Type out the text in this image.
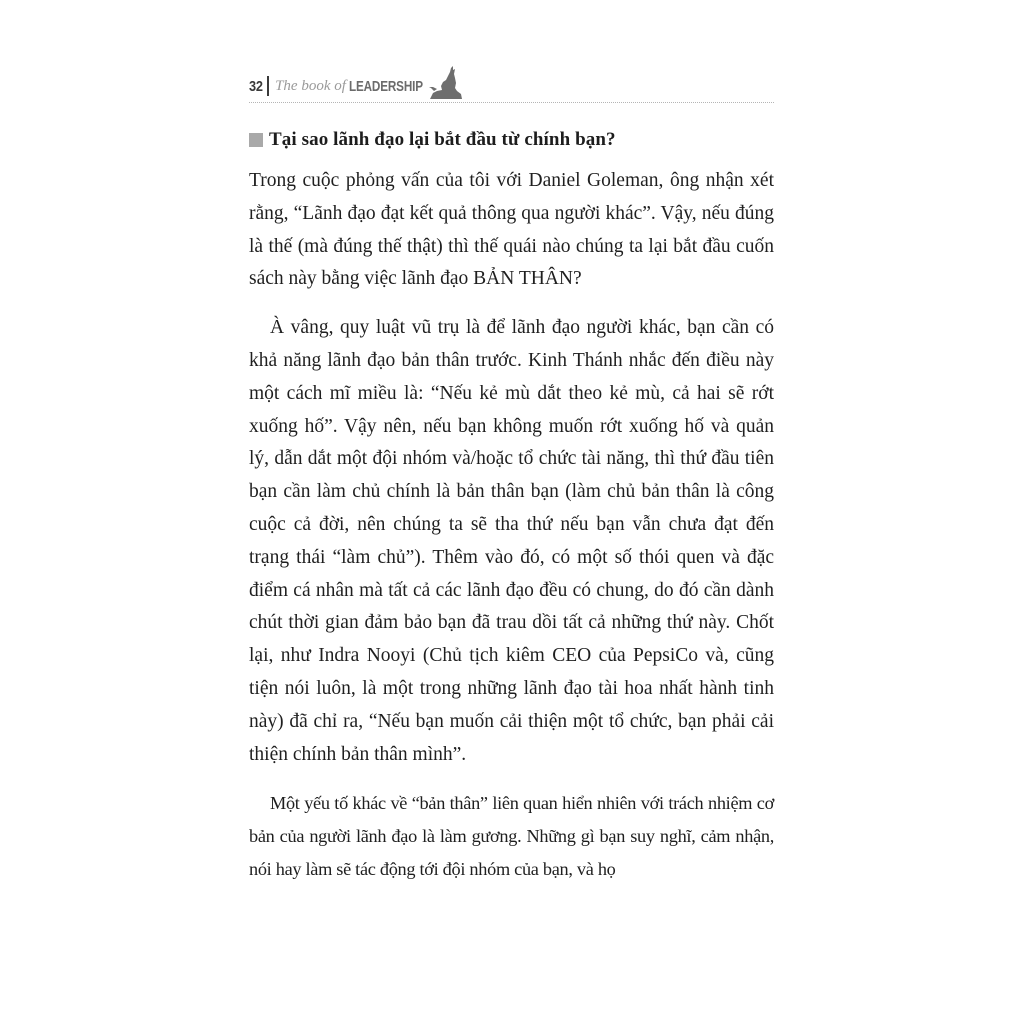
32 The book of LEADERSHIP
Tại sao lãnh đạo lại bắt đầu từ chính bạn?

Trong cuộc phỏng vấn của tôi với Daniel Goleman, ông nhận xét rằng, “Lãnh đạo đạt kết quả thông qua người khác”. Vậy, nếu đúng là thế (mà đúng thế thật) thì thế quái nào chúng ta lại bắt đầu cuốn sách này bằng việc lãnh đạo BẢN THÂN?

À vâng, quy luật vũ trụ là để lãnh đạo người khác, bạn cần có khả năng lãnh đạo bản thân trước. Kinh Thánh nhắc đến điều này một cách mĩ miều là: “Nếu kẻ mù dắt theo kẻ mù, cả hai sẽ rớt xuống hố”. Vậy nên, nếu bạn không muốn rớt xuống hố và quản lý, dẫn dắt một đội nhóm và/hoặc tổ chức tài năng, thì thứ đầu tiên bạn cần làm chủ chính là bản thân bạn (làm chủ bản thân là công cuộc cả đời, nên chúng ta sẽ tha thứ nếu bạn vẫn chưa đạt đến trạng thái “làm chủ”). Thêm vào đó, có một số thói quen và đặc điểm cá nhân mà tất cả các lãnh đạo đều có chung, do đó cần dành chút thời gian đảm bảo bạn đã trau dồi tất cả những thứ này. Chốt lại, như Indra Nooyi (Chủ tịch kiêm CEO của PepsiCo và, cũng tiện nói luôn, là một trong những lãnh đạo tài hoa nhất hành tinh này) đã chỉ ra, “Nếu bạn muốn cải thiện một tổ chức, bạn phải cải thiện chính bản thân mình”.

Một yếu tố khác về “bản thân” liên quan hiển nhiên với trách nhiệm cơ bản của người lãnh đạo là làm gương. Những gì bạn suy nghĩ, cảm nhận, nói hay làm sẽ tác động tới đội nhóm của bạn, và họ
